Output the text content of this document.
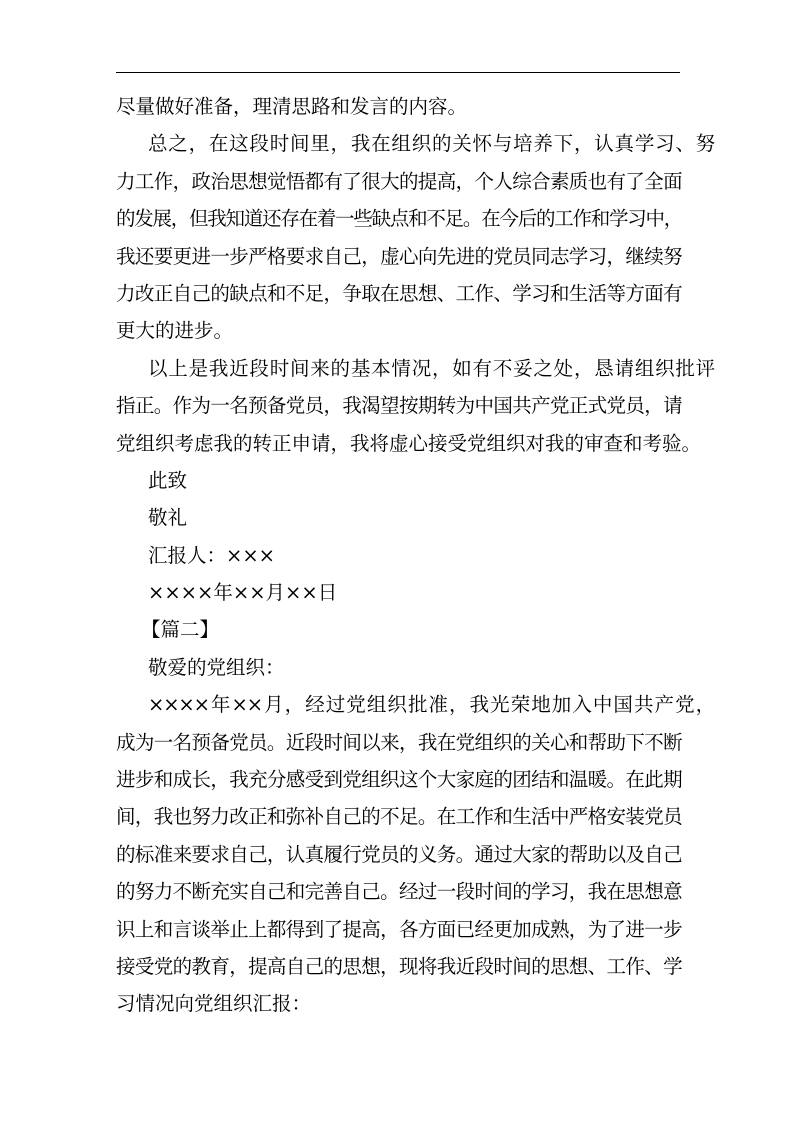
尽量做好准备，理清思路和发言的内容。
总之，在这段时间里，我在组织的关怀与培养下，认真学习、努
力工作，政治思想觉悟都有了很大的提高，个人综合素质也有了全面
的发展，但我知道还存在着一些缺点和不足。在今后的工作和学习中，
我还要更进一步严格要求自己，虚心向先进的党员同志学习，继续努
力改正自己的缺点和不足，争取在思想、工作、学习和生活等方面有
更大的进步。
以上是我近段时间来的基本情况，如有不妥之处，恳请组织批评
指正。作为一名预备党员，我渴望按期转为中国共产党正式党员，请
党组织考虑我的转正申请，我将虚心接受党组织对我的审查和考验。
此致
敬礼
汇报人：×××
××××年××月××日
【篇二】
敬爱的党组织：
××××年××月，经过党组织批准，我光荣地加入中国共产党，
成为一名预备党员。近段时间以来，我在党组织的关心和帮助下不断
进步和成长，我充分感受到党组织这个大家庭的团结和温暖。在此期
间，我也努力改正和弥补自己的不足。在工作和生活中严格安装党员
的标准来要求自己，认真履行党员的义务。通过大家的帮助以及自己
的努力不断充实自己和完善自己。经过一段时间的学习，我在思想意
识上和言谈举止上都得到了提高，各方面已经更加成熟，为了进一步
接受党的教育，提高自己的思想，现将我近段时间的思想、工作、学
习情况向党组织汇报：
